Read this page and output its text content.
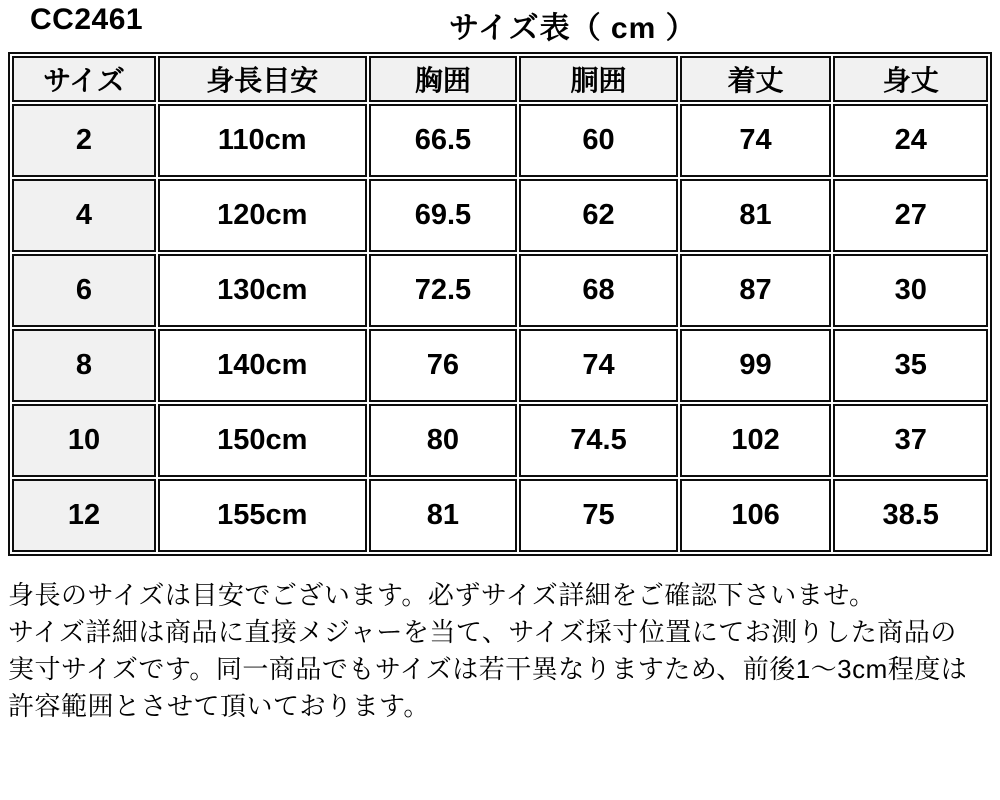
CC2461	サイズ表（ cm ）
サイズ	身長目安	胸囲	胴囲	着丈	身丈
2	110cm	66.5	60	74	24
4	120cm	69.5	62	81	27
6	130cm	72.5	68	87	30
8	140cm	76	74	99	35
10	150cm	80	74.5	102	37
12	155cm	81	75	106	38.5
身長のサイズは目安でございます。必ずサイズ詳細をご確認下さいませ。
サイズ詳細は商品に直接メジャーを当て、サイズ採寸位置にてお測りした商品の
実寸サイズです。同一商品でもサイズは若干異なりますため、前後1〜3cm程度は
許容範囲とさせて頂いております。
